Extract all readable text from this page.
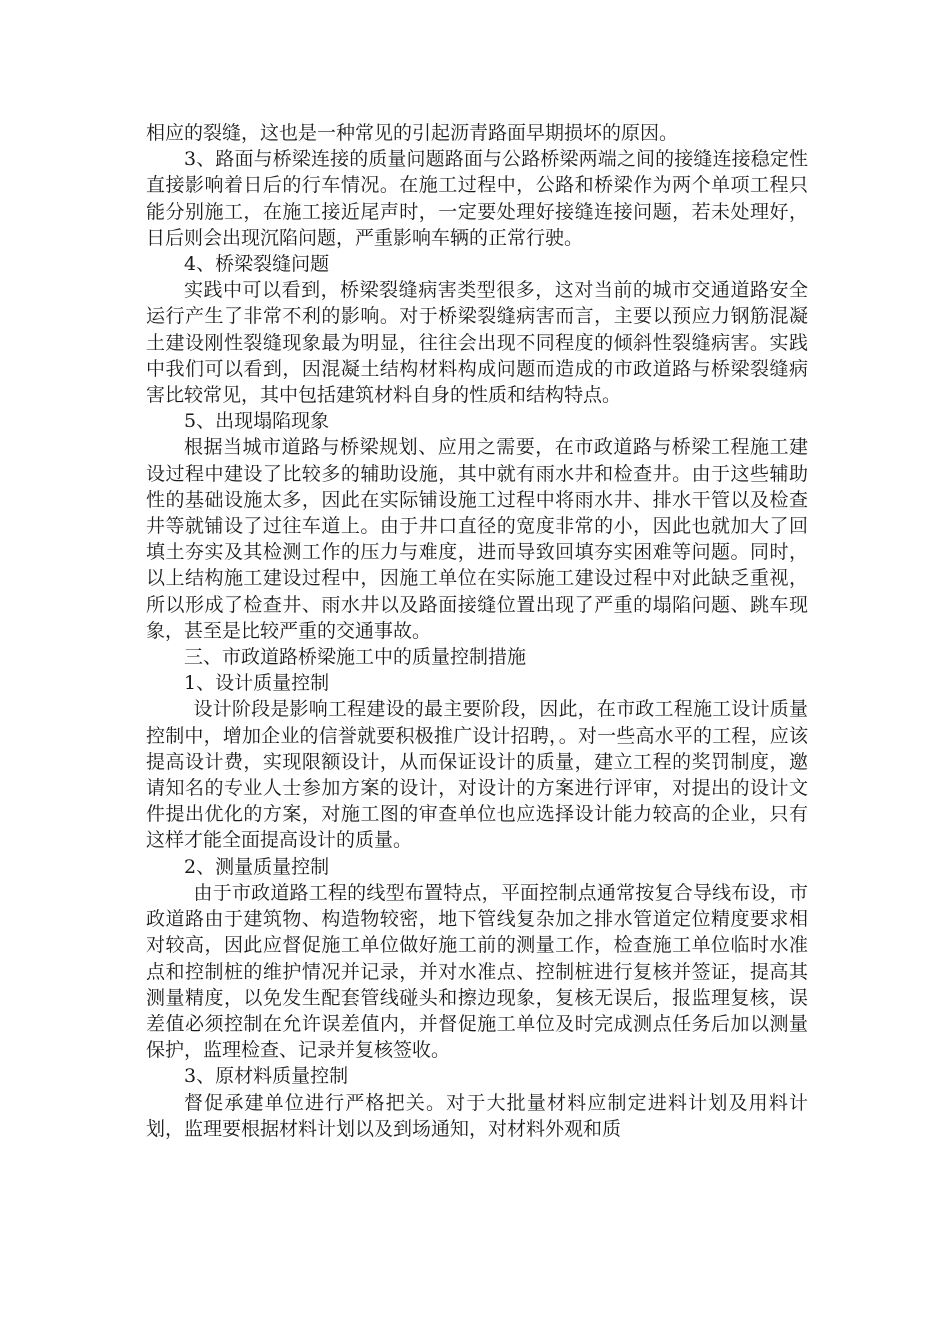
相应的裂缝，这也是一种常见的引起沥青路面早期损坏的原因。

3、路面与桥梁连接的质量问题路面与公路桥梁两端之间的接缝连接稳定性直接影响着日后的行车情况。在施工过程中，公路和桥梁作为两个单项工程只能分别施工，在施工接近尾声时，一定要处理好接缝连接问题，若未处理好，日后则会出现沉陷问题，严重影响车辆的正常行驶。

4、桥梁裂缝问题

实践中可以看到，桥梁裂缝病害类型很多，这对当前的城市交通道路安全运行产生了非常不利的影响。对于桥梁裂缝病害而言，主要以预应力钢筋混凝土建设刚性裂缝现象最为明显，往往会出现不同程度的倾斜性裂缝病害。实践中我们可以看到，因混凝土结构材料构成问题而造成的市政道路与桥梁裂缝病害比较常见，其中包括建筑材料自身的性质和结构特点。

5、出现塌陷现象

根据当城市道路与桥梁规划、应用之需要，在市政道路与桥梁工程施工建设过程中建设了比较多的辅助设施，其中就有雨水井和检查井。由于这些辅助性的基础设施太多，因此在实际铺设施工过程中将雨水井、排水干管以及检查井等就铺设了过往车道上。由于井口直径的宽度非常的小，因此也就加大了回填土夯实及其检测工作的压力与难度，进而导致回填夯实困难等问题。同时，以上结构施工建设过程中，因施工单位在实际施工建设过程中对此缺乏重视，所以形成了检查井、雨水井以及路面接缝位置出现了严重的塌陷问题、跳车现象，甚至是比较严重的交通事故。

三、市政道路桥梁施工中的质量控制措施

1、设计质量控制

设计阶段是影响工程建设的最主要阶段，因此，在市政工程施工设计质量控制中，增加企业的信誉就要积极推广设计招聘，。对一些高水平的工程，应该提高设计费，实现限额设计，从而保证设计的质量，建立工程的奖罚制度，邀请知名的专业人士参加方案的设计，对设计的方案进行评审，对提出的设计文件提出优化的方案，对施工图的审查单位也应选择设计能力较高的企业，只有这样才能全面提高设计的质量。

2、测量质量控制

由于市政道路工程的线型布置特点，平面控制点通常按复合导线布设，市政道路由于建筑物、构造物较密，地下管线复杂加之排水管道定位精度要求相对较高，因此应督促施工单位做好施工前的测量工作，检查施工单位临时水准点和控制桩的维护情况并记录，并对水准点、控制桩进行复核并签证，提高其测量精度，以免发生配套管线碰头和擦边现象，复核无误后，报监理复核，误差值必须控制在允许误差值内，并督促施工单位及时完成测点任务后加以测量保护，监理检查、记录并复核签收。

3、原材料质量控制

督促承建单位进行严格把关。对于大批量材料应制定进料计划及用料计划，监理要根据材料计划以及到场通知，对材料外观和质
